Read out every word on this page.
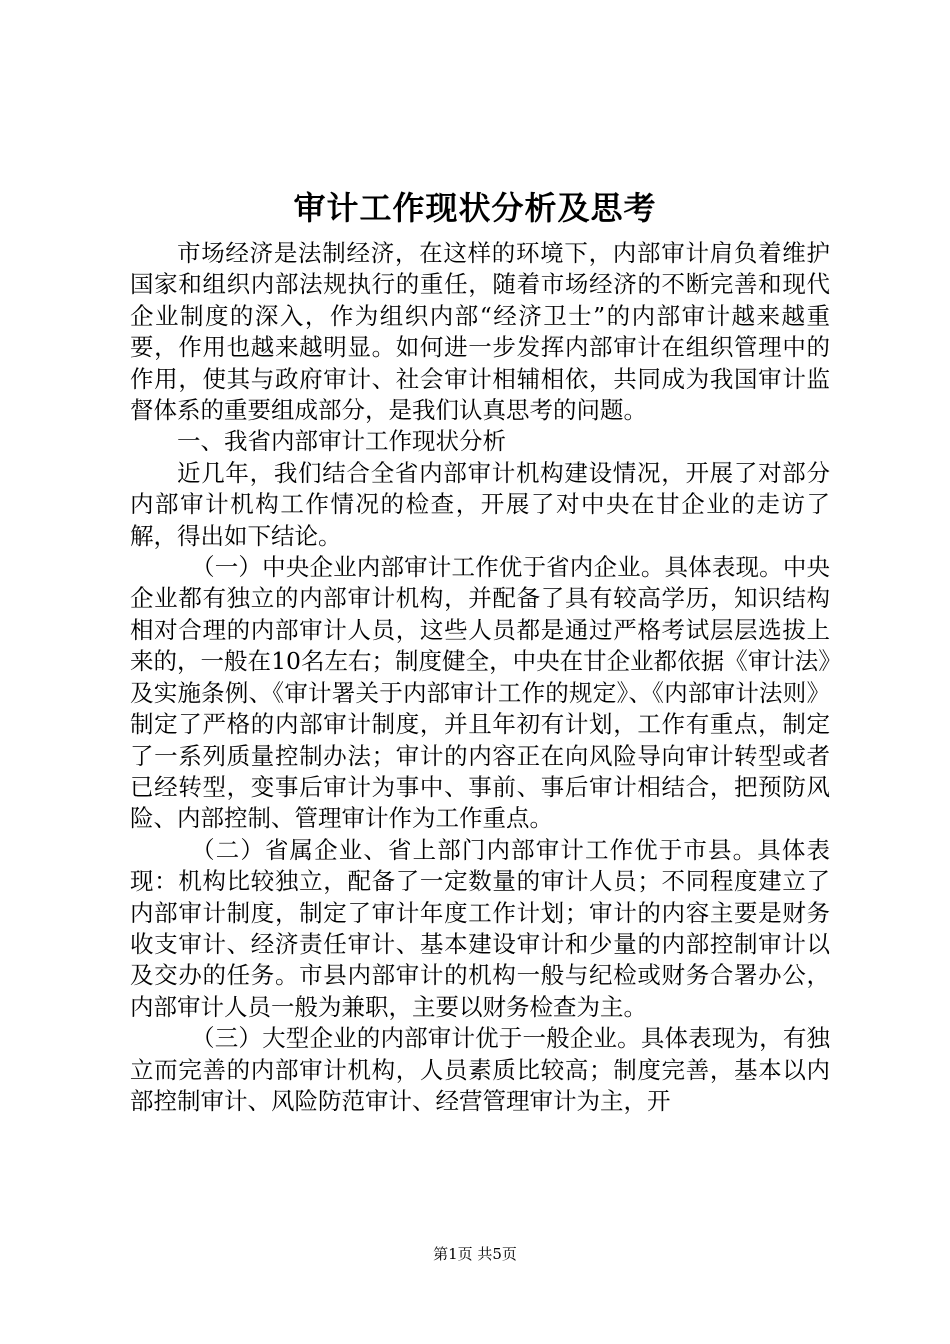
审计工作现状分析及思考

市场经济是法制经济，在这样的环境下，内部审计肩负着维护国家和组织内部法规执行的重任，随着市场经济的不断完善和现代企业制度的深入，作为组织内部“经济卫士”的内部审计越来越重要，作用也越来越明显。如何进一步发挥内部审计在组织管理中的作用，使其与政府审计、社会审计相辅相依，共同成为我国审计监督体系的重要组成部分，是我们认真思考的问题。

一、我省内部审计工作现状分析

近几年，我们结合全省内部审计机构建设情况，开展了对部分内部审计机构工作情况的检查，开展了对中央在甘企业的走访了解，得出如下结论。

（一）中央企业内部审计工作优于省内企业。具体表现。中央企业都有独立的内部审计机构，并配备了具有较高学历，知识结构相对合理的内部审计人员，这些人员都是通过严格考试层层选拔上来的，一般在10名左右；制度健全，中央在甘企业都依据《审计法》及实施条例、《审计署关于内部审计工作的规定》、《内部审计法则》制定了严格的内部审计制度，并且年初有计划，工作有重点，制定了一系列质量控制办法；审计的内容正在向风险导向审计转型或者已经转型，变事后审计为事中、事前、事后审计相结合，把预防风险、内部控制、管理审计作为工作重点。

（二）省属企业、省上部门内部审计工作优于市县。具体表现：机构比较独立，配备了一定数量的审计人员；不同程度建立了内部审计制度，制定了审计年度工作计划；审计的内容主要是财务收支审计、经济责任审计、基本建设审计和少量的内部控制审计以及交办的任务。市县内部审计的机构一般与纪检或财务合署办公，内部审计人员一般为兼职，主要以财务检查为主。

（三）大型企业的内部审计优于一般企业。具体表现为，有独立而完善的内部审计机构，人员素质比较高；制度完善，基本以内部控制审计、风险防范审计、经营管理审计为主，开

第1页 共5页
